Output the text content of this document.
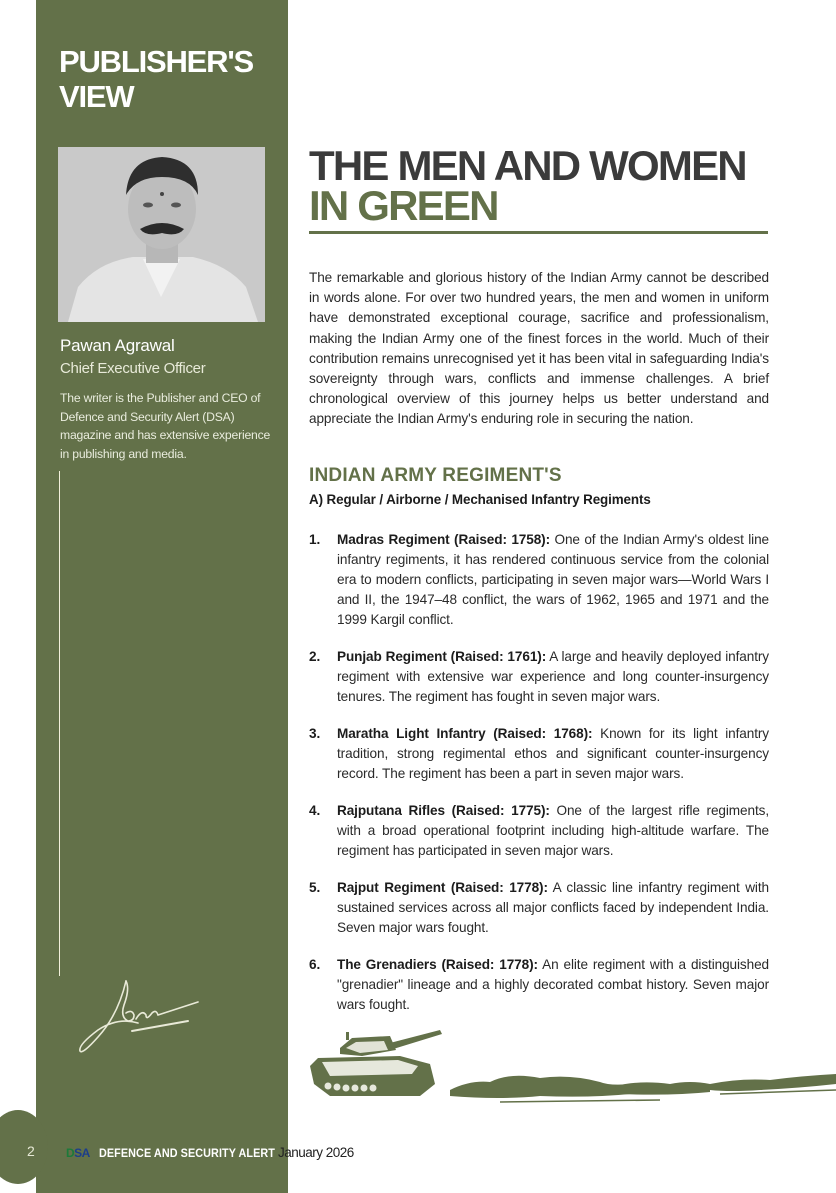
PUBLISHER'S
VIEW
Pawan Agrawal
Chief Executive Officer
The writer is the Publisher and CEO of Defence and Security Alert (DSA) magazine and has extensive experience in publishing and media.
THE MEN AND WOMEN
IN GREEN

The remarkable and glorious history of the Indian Army cannot be described in words alone. For over two hundred years, the men and women in uniform have demonstrated exceptional courage, sacrifice and professionalism, making the Indian Army one of the finest forces in the world. Much of their contribution remains unrecognised yet it has been vital in safeguarding India's sovereignty through wars, conflicts and immense challenges. A brief chronological overview of this journey helps us better understand and appreciate the Indian Army's enduring role in securing the nation.

INDIAN ARMY REGIMENT'S
A) Regular / Airborne / Mechanised Infantry Regiments
1. Madras Regiment (Raised: 1758): One of the Indian Army's oldest line infantry regiments, it has rendered continuous service from the colonial era to modern conflicts, participating in seven major wars—World Wars I and II, the 1947–48 conflict, the wars of 1962, 1965 and 1971 and the 1999 Kargil conflict.
2. Punjab Regiment (Raised: 1761): A large and heavily deployed infantry regiment with extensive war experience and long counter-insurgency tenures. The regiment has fought in seven major wars.
3. Maratha Light Infantry (Raised: 1768): Known for its light infantry tradition, strong regimental ethos and significant counter-insurgency record. The regiment has been a part in seven major wars.
4. Rajputana Rifles (Raised: 1775): One of the largest rifle regiments, with a broad operational footprint including high-altitude warfare. The regiment has participated in seven major wars.
5. Rajput Regiment (Raised: 1778): A classic line infantry regiment with sustained services across all major conflicts faced by independent India. Seven major wars fought.
6. The Grenadiers (Raised: 1778): An elite regiment with a distinguished "grenadier" lineage and a highly decorated combat history. Seven major wars fought.
2	DSA DEFENCE AND SECURITY ALERT January 2026
